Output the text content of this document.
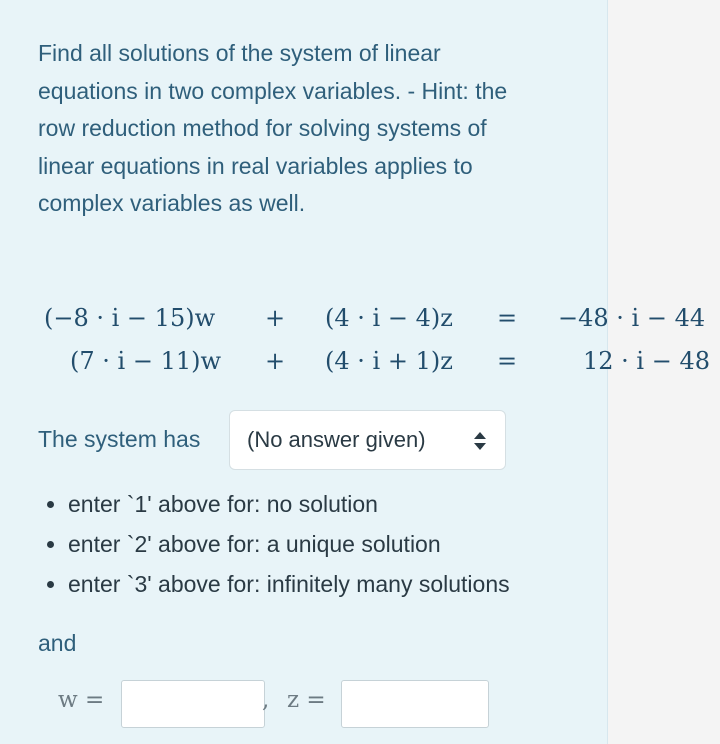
Find all solutions of the system of linear
equations in two complex variables. - Hint: the
row reduction method for solving systems of
linear equations in real variables applies to
complex variables as well.
(−8 · i − 15)w + (4 · i − 4)z = −48 · i − 44
(7 · i − 11)w + (4 · i + 1)z =	12 · i − 48
The system has (No answer given)
enter `1' above for: no solution
enter `2' above for: a unique solution
enter `3' above for: infinitely many solutions
and
w =	, z =
